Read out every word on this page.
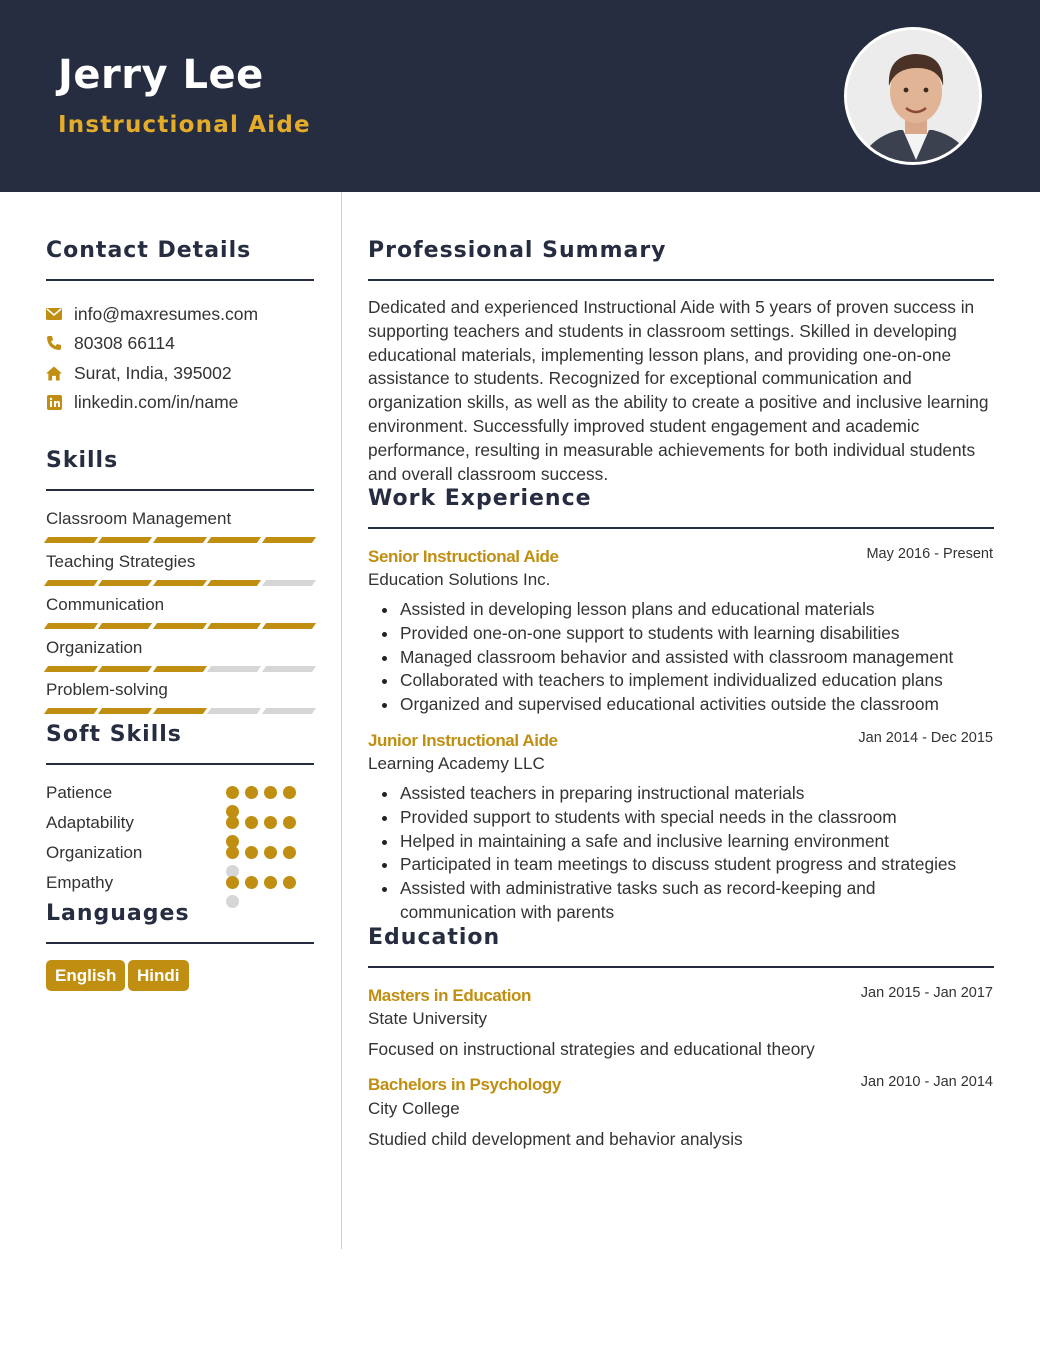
Jerry Lee
Instructional Aide
Contact Details
info@maxresumes.com
80308 66114
Surat, India, 395002
linkedin.com/in/name
Skills
Classroom Management
Teaching Strategies
Communication
Organization
Problem-solving
Soft Skills
Patience
Adaptability
Organization
Empathy
Languages
English	Hindi
Professional Summary
Dedicated and experienced Instructional Aide with 5 years of proven success in supporting teachers and students in classroom settings. Skilled in developing educational materials, implementing lesson plans, and providing one-on-one assistance to students. Recognized for exceptional communication and organization skills, as well as the ability to create a positive and inclusive learning environment. Successfully improved student engagement and academic performance, resulting in measurable achievements for both individual students and overall classroom success.
Work Experience
Senior Instructional Aide	May 2016 - Present
Education Solutions Inc.
Assisted in developing lesson plans and educational materials
Provided one-on-one support to students with learning disabilities
Managed classroom behavior and assisted with classroom management
Collaborated with teachers to implement individualized education plans
Organized and supervised educational activities outside the classroom
Junior Instructional Aide	Jan 2014 - Dec 2015
Learning Academy LLC
Assisted teachers in preparing instructional materials
Provided support to students with special needs in the classroom
Helped in maintaining a safe and inclusive learning environment
Participated in team meetings to discuss student progress and strategies
Assisted with administrative tasks such as record-keeping and communication with parents
Education
Masters in Education	Jan 2015 - Jan 2017
State University
Focused on instructional strategies and educational theory
Bachelors in Psychology	Jan 2010 - Jan 2014
City College
Studied child development and behavior analysis
